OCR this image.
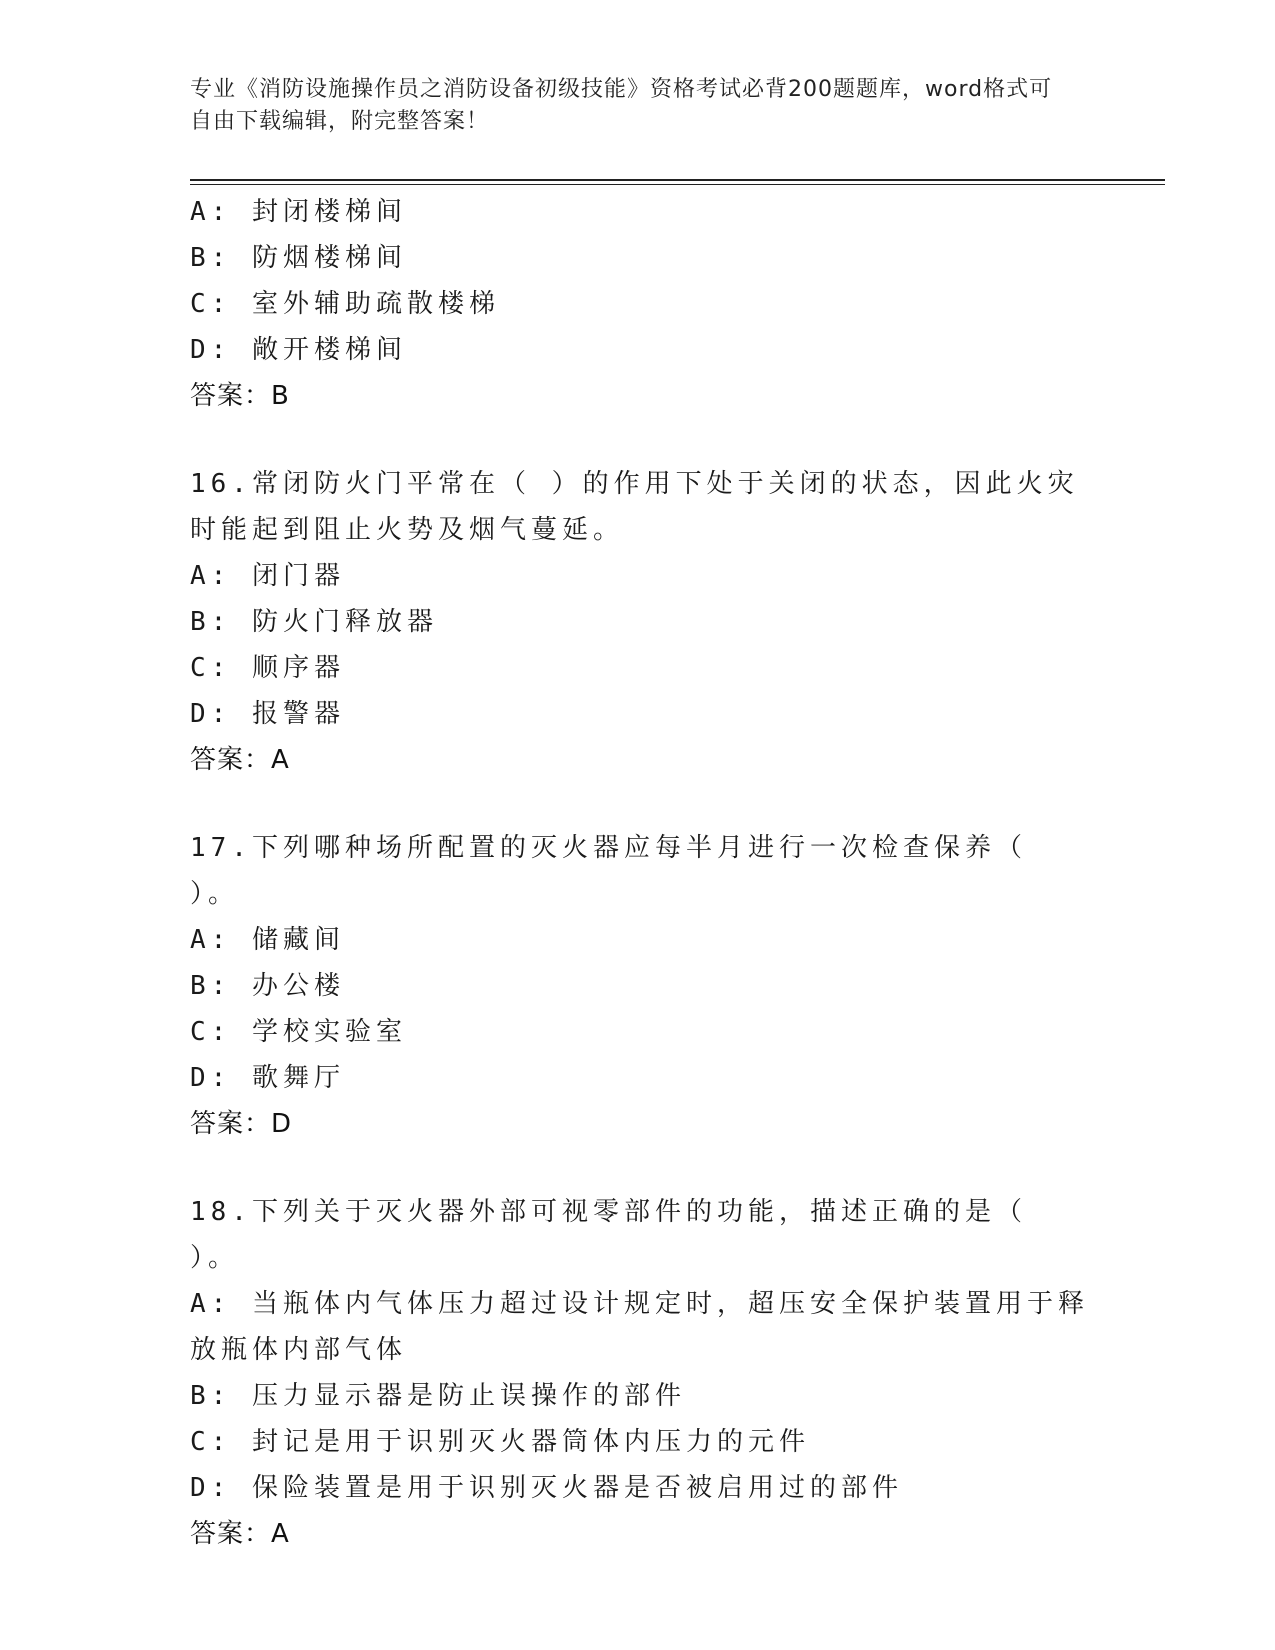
专业《消防设施操作员之消防设备初级技能》资格考试必背200题题库，word格式可自由下载编辑，附完整答案！
A: 封闭楼梯间
B: 防烟楼梯间
C: 室外辅助疏散楼梯
D: 敞开楼梯间
答案：B
16.常闭防火门平常在（ ）的作用下处于关闭的状态，因此火灾时能起到阻止火势及烟气蔓延。
A: 闭门器
B: 防火门释放器
C: 顺序器
D: 报警器
答案：A
17.下列哪种场所配置的灭火器应每半月进行一次检查保养（ ）。
A: 储藏间
B: 办公楼
C: 学校实验室
D: 歌舞厅
答案：D
18.下列关于灭火器外部可视零部件的功能，描述正确的是（ ）。
A: 当瓶体内气体压力超过设计规定时，超压安全保护装置用于释放瓶体内部气体
B: 压力显示器是防止误操作的部件
C: 封记是用于识别灭火器筒体内压力的元件
D: 保险装置是用于识别灭火器是否被启用过的部件
答案：A
